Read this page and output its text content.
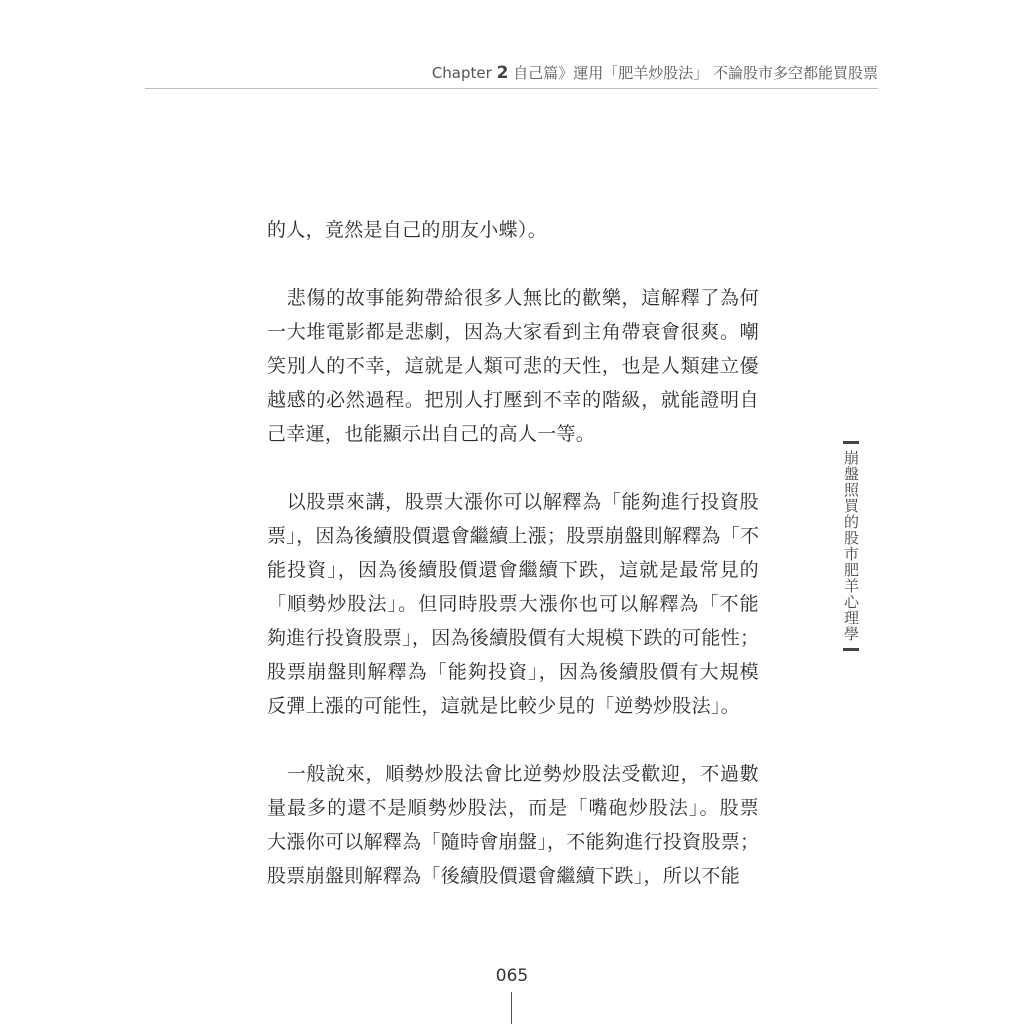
Chapter 2 自己篇》運用「肥羊炒股法」 不論股市多空都能買股票
的人，竟然是自己的朋友小蝶）。
　悲傷的故事能夠帶給很多人無比的歡樂，這解釋了為何
一大堆電影都是悲劇，因為大家看到主角帶衰會很爽。嘲
笑別人的不幸，這就是人類可悲的天性，也是人類建立優
越感的必然過程。把別人打壓到不幸的階級，就能證明自
己幸運，也能顯示出自己的高人一等。
　以股票來講，股票大漲你可以解釋為「能夠進行投資股
票」，因為後續股價還會繼續上漲；股票崩盤則解釋為「不
能投資」，因為後續股價還會繼續下跌，這就是最常見的
「順勢炒股法」。但同時股票大漲你也可以解釋為「不能
夠進行投資股票」，因為後續股價有大規模下跌的可能性；
股票崩盤則解釋為「能夠投資」，因為後續股價有大規模
反彈上漲的可能性，這就是比較少見的「逆勢炒股法」。
　一般說來，順勢炒股法會比逆勢炒股法受歡迎，不過數
量最多的還不是順勢炒股法，而是「嘴砲炒股法」。股票
大漲你可以解釋為「隨時會崩盤」，不能夠進行投資股票；
股票崩盤則解釋為「後續股價還會繼續下跌」，所以不能
崩盤照買的股市肥羊心理學
065
